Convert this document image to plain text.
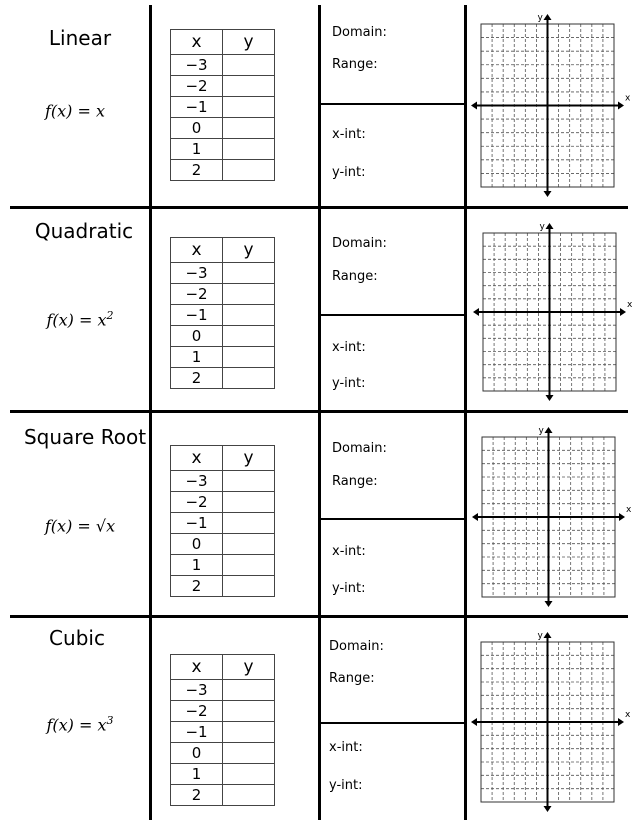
Linear
f(x) = x
x	y
−3	
−2	
−1	
0	
1	
2	
Domain:
Range:
x-int:
y-int:
x
y
Quadratic
$f(x) = x^2$
x	y
−3	
−2	
−1	
0	
1	
2	
Domain:
Range:
x-int:
y-int:
x
y
Square Root
f(x) = √x
x	y
−3	
−2	
−1	
0	
1	
2	
Domain:
Range:
x-int:
y-int:
x
y
Cubic
$f(x) = x^3$
x	y
−3	
−2	
−1	
0	
1	
2	
Domain:
Range:
x-int:
y-int:
x
y
